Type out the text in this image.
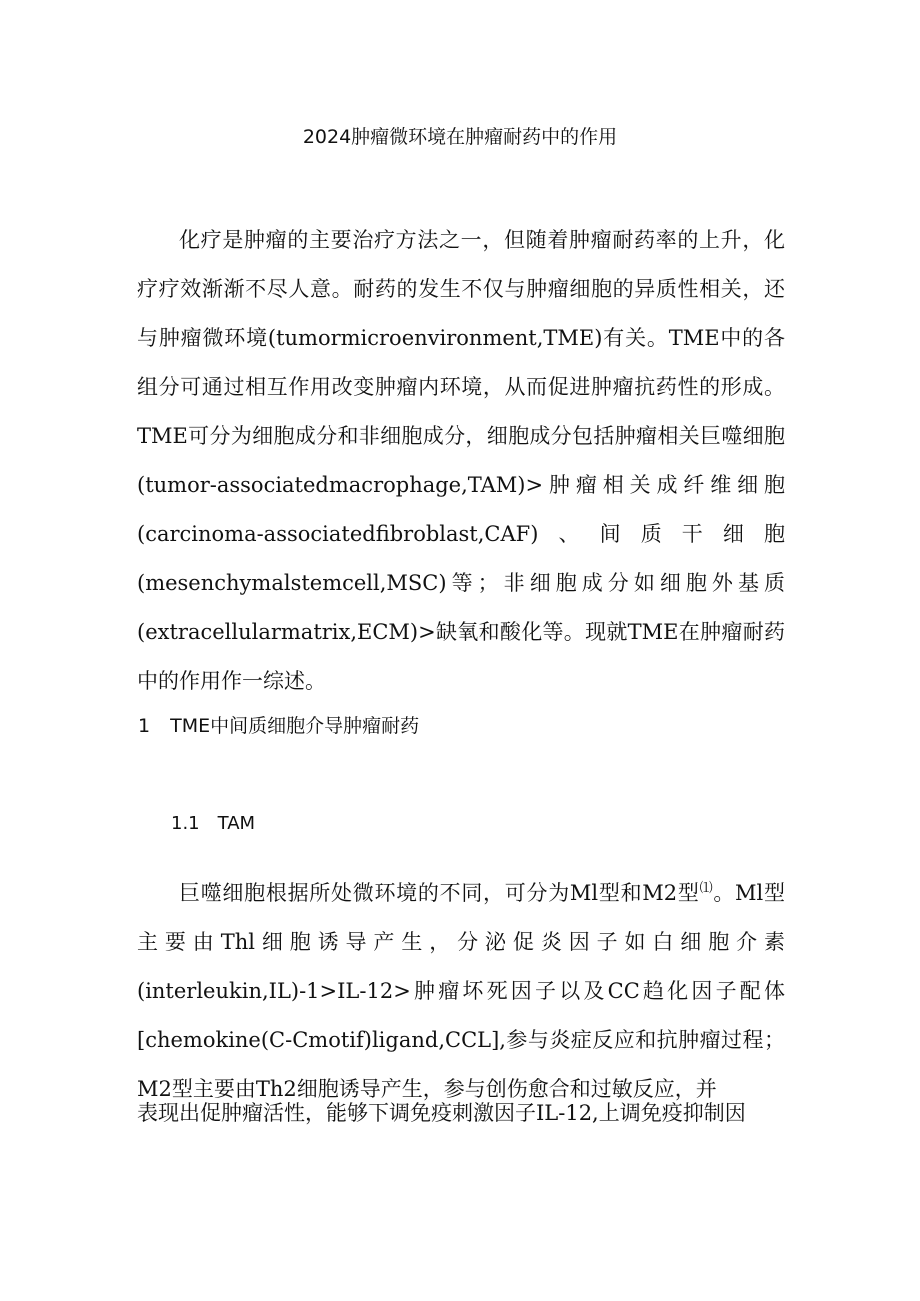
2024肿瘤微环境在肿瘤耐药中的作用

化疗是肿瘤的主要治疗方法之一，但随着肿瘤耐药率的上升，化疗疗效渐渐不尽人意。耐药的发生不仅与肿瘤细胞的异质性相关，还与肿瘤微环境(tumormicroenvironment,TME)有关。TME中的各组分可通过相互作用改变肿瘤内环境，从而促进肿瘤抗药性的形成。TME可分为细胞成分和非细胞成分，细胞成分包括肿瘤相关巨噬细胞(tumor-associatedmacrophage,TAM)>肿瘤相关成纤维细胞(carcinoma-associatedfibroblast,CAF)、间质干细胞(mesenchymalstemcell,MSC)等；非细胞成分如细胞外基质(extracellularmatrix,ECM)>缺氧和酸化等。现就TME在肿瘤耐药中的作用作一综述。

1 TME中间质细胞介导肿瘤耐药
1.1 TAM

巨噬细胞根据所处微环境的不同，可分为Ml型和M2型⑴。Ml型主要由Thl细胞诱导产生，分泌促炎因子如白细胞介素(interleukin,IL)-1>IL-12>肿瘤坏死因子以及CC趋化因子配体[chemokine(C-Cmotif)ligand,CCL],参与炎症反应和抗肿瘤过程；M2型主要由Th2细胞诱导产生，参与创伤愈合和过敏反应，并

表现出促肿瘤活性，能够下调免疫刺激因子IL-12,上调免疫抑制因
